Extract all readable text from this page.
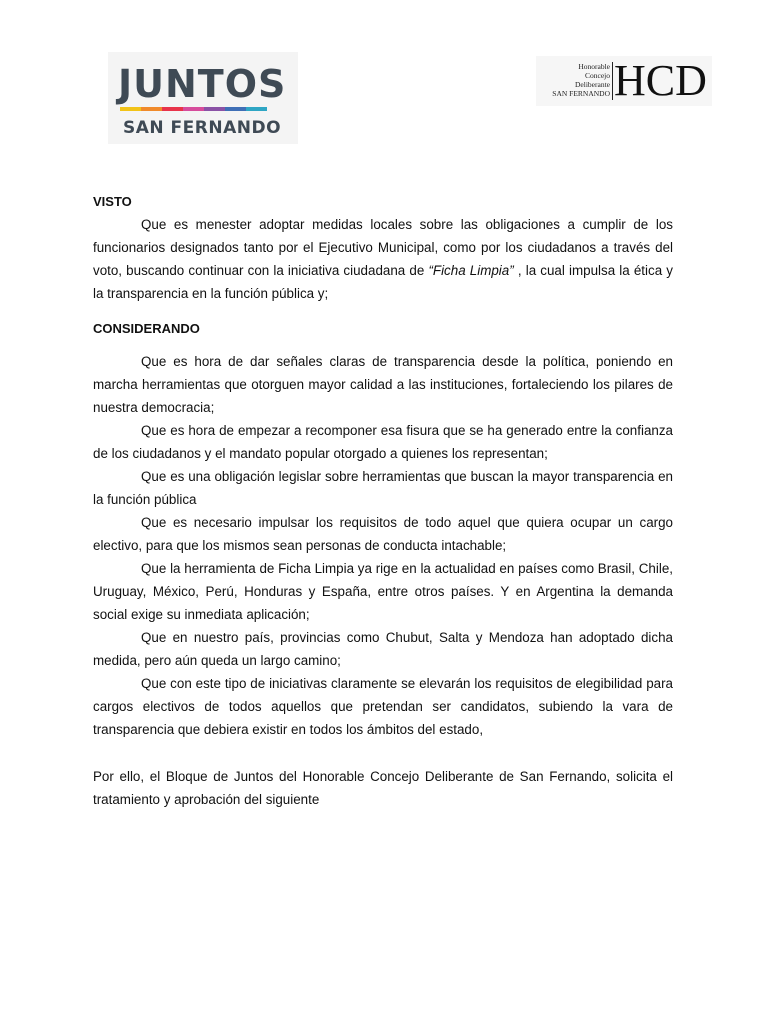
JUNTOS
SAN FERNANDO
Honorable
Concejo
Deliberante
SAN FERNANDO HCD
VISTO

Que es menester adoptar medidas locales sobre las obligaciones a cumplir de los funcionarios designados tanto por el Ejecutivo Municipal, como por los ciudadanos a través del voto, buscando continuar con la iniciativa ciudadana de “Ficha Limpia” , la cual impulsa la ética y la transparencia en la función pública y;

CONSIDERANDO

Que es hora de dar señales claras de transparencia desde la política, poniendo en marcha herramientas que otorguen mayor calidad a las instituciones, fortaleciendo los pilares de nuestra democracia;

Que es hora de empezar a recomponer esa fisura que se ha generado entre la confianza de los ciudadanos y el mandato popular otorgado a quienes los representan;

Que es una obligación legislar sobre herramientas que buscan la mayor transparencia en la función pública

Que es necesario impulsar los requisitos de todo aquel que quiera ocupar un cargo electivo, para que los mismos sean personas de conducta intachable;

Que la herramienta de Ficha Limpia ya rige en la actualidad en países como Brasil, Chile, Uruguay, México, Perú, Honduras y España, entre otros países. Y en Argentina la demanda social exige su inmediata aplicación;

Que en nuestro país, provincias como Chubut, Salta y Mendoza han adoptado dicha medida, pero aún queda un largo camino;

Que con este tipo de iniciativas claramente se elevarán los requisitos de elegibilidad para cargos electivos de todos aquellos que pretendan ser candidatos, subiendo la vara de transparencia que debiera existir en todos los ámbitos del estado,

Por ello, el Bloque de Juntos del Honorable Concejo Deliberante de San Fernando, solicita el tratamiento y aprobación del siguiente
